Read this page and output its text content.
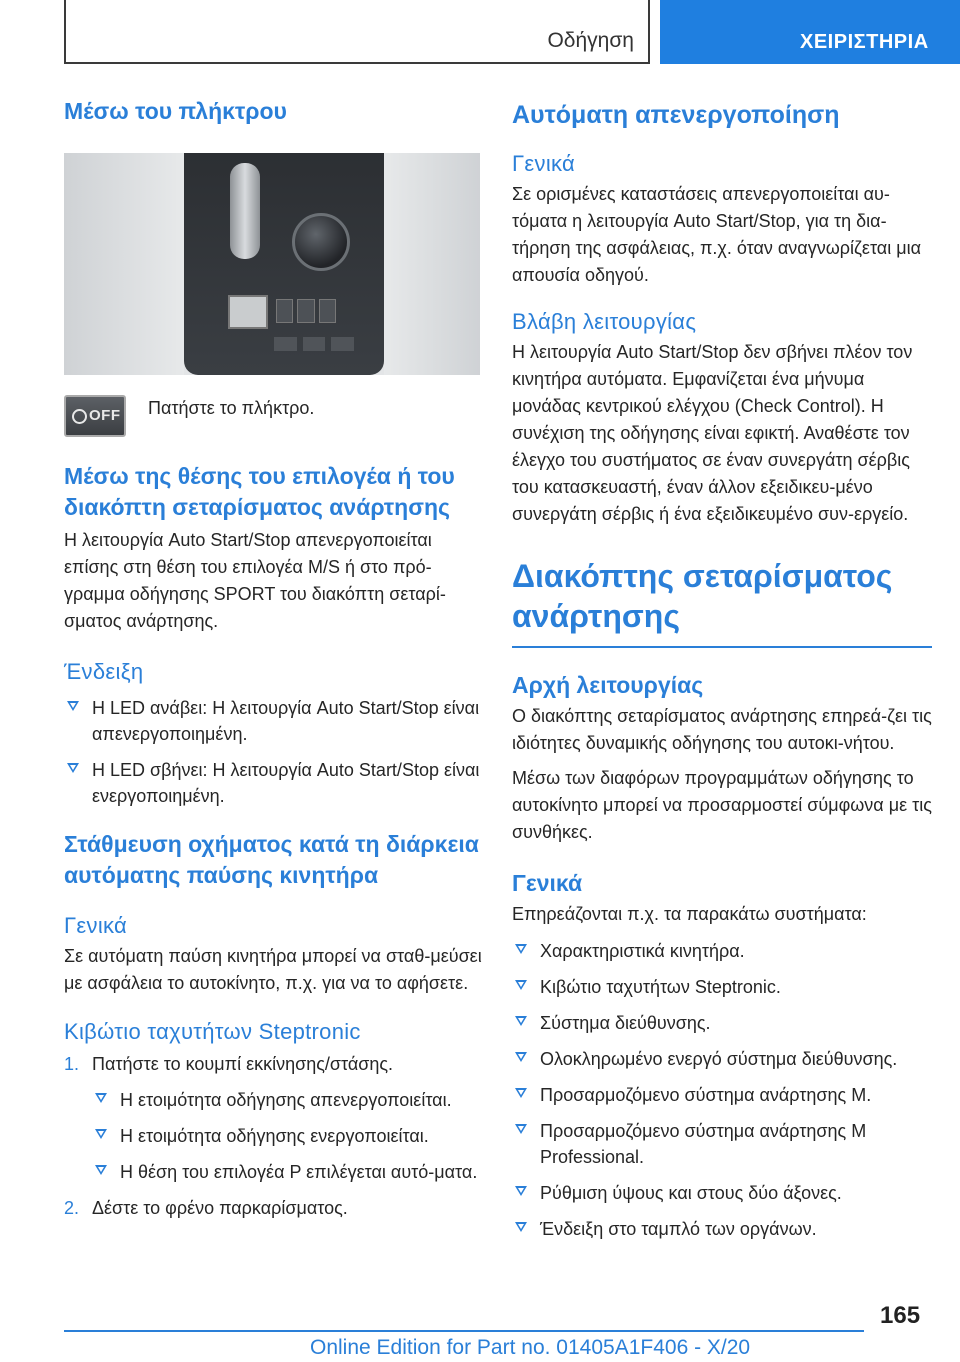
Οδήγηση	ΧΕΙΡΙΣΤΗΡΙΑ
Μέσω του πλήκτρου
OFF Πατήστε το πλήκτρο.

Μέσω της θέσης του επιλογέα ή του διακόπτη σεταρίσματος ανάρτησης

Η λειτουργία Auto Start/Stop απενεργοποιείται επίσης στη θέση του επιλογέα M/S ή στο πρό-γραμμα οδήγησης SPORT του διακόπτη σεταρί-σματος ανάρτησης.

Ένδειξη
Η LED ανάβει: Η λειτουργία Auto Start/Stop είναι απενεργοποιημένη.
Η LED σβήνει: Η λειτουργία Auto Start/Stop είναι ενεργοποιημένη.
Στάθμευση οχήματος κατά τη διάρκεια αυτόματης παύσης κινητήρα
Γενικά

Σε αυτόματη παύση κινητήρα μπορεί να σταθ-μεύσει με ασφάλεια το αυτοκίνητο, π.χ. για να το αφήσετε.

Κιβώτιο ταχυτήτων Steptronic
1. Πατήστε το κουμπί εκκίνησης/στάσης.
Η ετοιμότητα οδήγησης απενεργοποιείται.
Η ετοιμότητα οδήγησης ενεργοποιείται.
Η θέση του επιλογέα P επιλέγεται αυτό-ματα.
2. Δέστε το φρένο παρκαρίσματος.
Αυτόματη απενεργοποίηση
Γενικά

Σε ορισμένες καταστάσεις απενεργοποιείται αυ-τόματα η λειτουργία Auto Start/Stop, για τη δια-τήρηση της ασφάλειας, π.χ. όταν αναγνωρίζεται μια απουσία οδηγού.

Βλάβη λειτουργίας

Η λειτουργία Auto Start/Stop δεν σβήνει πλέον τον κινητήρα αυτόματα. Εμφανίζεται ένα μήνυμα μονάδας κεντρικού ελέγχου (Check Control). Η συνέχιση της οδήγησης είναι εφικτή. Αναθέστε τον έλεγχο του συστήματος σε έναν συνεργάτη σέρβις του κατασκευαστή, έναν άλλον εξειδικευ-μένο συνεργάτη σέρβις ή ένα εξειδικευμένο συν-εργείο.

Διακόπτης σεταρίσματος ανάρτησης
Αρχή λειτουργίας

Ο διακόπτης σεταρίσματος ανάρτησης επηρεά-ζει τις ιδιότητες δυναμικής οδήγησης του αυτοκι-νήτου.

Μέσω των διαφόρων προγραμμάτων οδήγησης το αυτοκίνητο μπορεί να προσαρμοστεί σύμφωνα με τις συνθήκες.

Γενικά

Επηρεάζονται π.χ. τα παρακάτω συστήματα:

Χαρακτηριστικά κινητήρα.
Κιβώτιο ταχυτήτων Steptronic.
Σύστημα διεύθυνσης.
Ολοκληρωμένο ενεργό σύστημα διεύθυνσης.
Προσαρμοζόμενο σύστημα ανάρτησης M.
Προσαρμοζόμενο σύστημα ανάρτησης M Professional.
Ρύθμιση ύψους και στους δύο άξονες.
Ένδειξη στο ταμπλό των οργάνων.
165
Online Edition for Part no. 01405A1F406 - X/20
